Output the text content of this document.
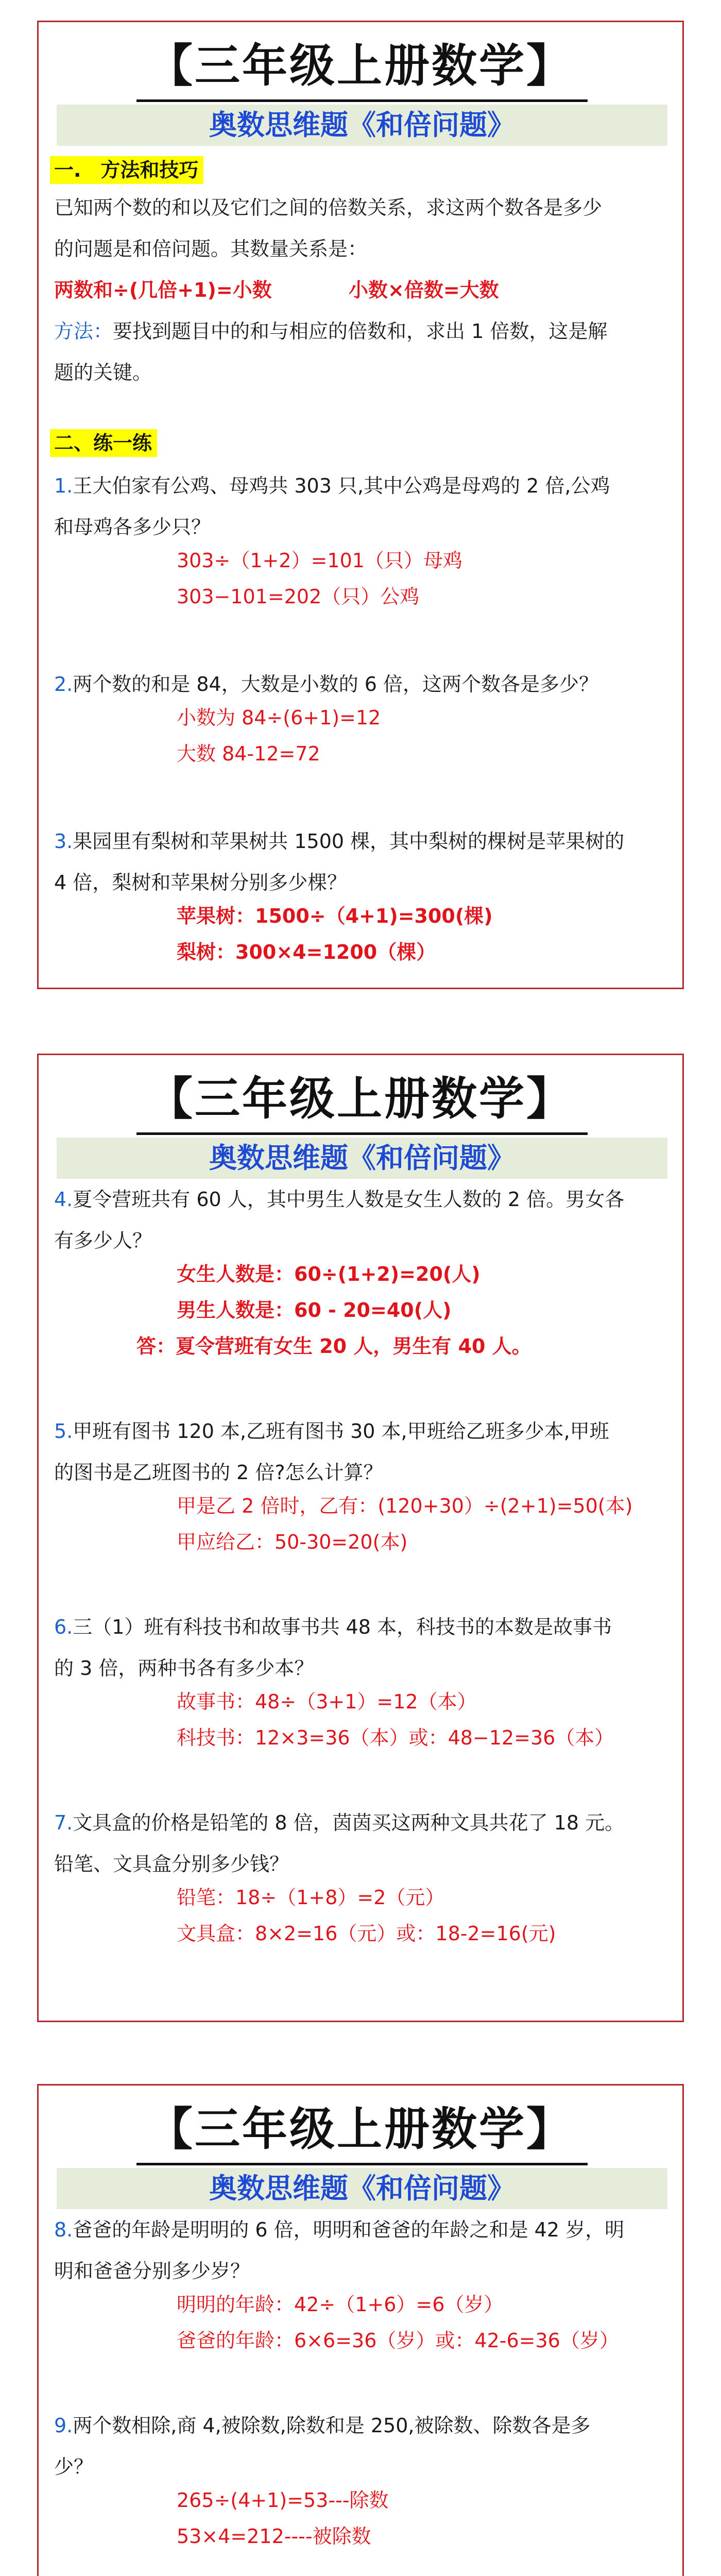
【三年级上册数学】
奥数思维题《和倍问题》
一.　方法和技巧
已知两个数的和以及它们之间的倍数关系，求这两个数各是多少
的问题是和倍问题。其数量关系是：
两数和÷(几倍+1)=小数	小数×倍数=大数
方法：要找到题目中的和与相应的倍数和，求出 1 倍数，这是解
题的关键。
二、练一练
1.王大伯家有公鸡、母鸡共 303 只,其中公鸡是母鸡的 2 倍,公鸡
和母鸡各多少只？
303÷（1+2）=101（只）母鸡
303−101=202（只）公鸡
2.两个数的和是 84，大数是小数的 6 倍，这两个数各是多少？
小数为 84÷(6+1)=12
大数 84-12=72
3.果园里有梨树和苹果树共 1500 棵，其中梨树的棵树是苹果树的
4 倍，梨树和苹果树分别多少棵？
苹果树：1500÷（4+1)=300(棵)
梨树：300×4=1200（棵）
【三年级上册数学】
奥数思维题《和倍问题》
4.夏令营班共有 60 人，其中男生人数是女生人数的 2 倍。男女各
有多少人？
女生人数是：60÷(1+2)=20(人)
男生人数是：60 - 20=40(人)
答：夏令营班有女生 20 人，男生有 40 人。
5.甲班有图书 120 本,乙班有图书 30 本,甲班给乙班多少本,甲班
的图书是乙班图书的 2 倍?怎么计算？
甲是乙 2 倍时，乙有：(120+30）÷(2+1)=50(本)
甲应给乙：50-30=20(本)
6.三（1）班有科技书和故事书共 48 本，科技书的本数是故事书
的 3 倍，两种书各有多少本？
故事书：48÷（3+1）=12（本）
科技书：12×3=36（本）或：48−12=36（本）
7.文具盒的价格是铅笔的 8 倍，茵茵买这两种文具共花了 18 元。
铅笔、文具盒分别多少钱？
铅笔：18÷（1+8）=2（元）
文具盒：8×2=16（元）或：18-2=16(元)
【三年级上册数学】
奥数思维题《和倍问题》
8.爸爸的年龄是明明的 6 倍，明明和爸爸的年龄之和是 42 岁，明
明和爸爸分别多少岁？
明明的年龄：42÷（1+6）=6（岁）
爸爸的年龄：6×6=36（岁）或：42-6=36（岁）
9.两个数相除,商 4,被除数,除数和是 250,被除数、除数各是多
少？
265÷(4+1)=53---除数
53×4=212----被除数
